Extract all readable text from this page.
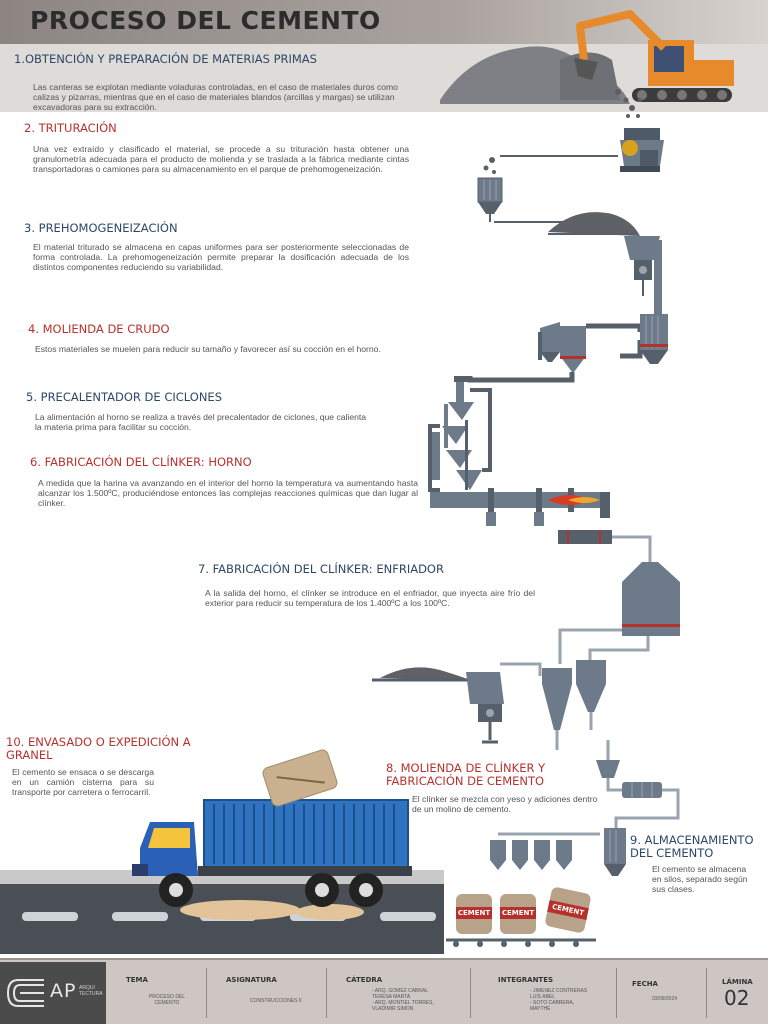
PROCESO DEL CEMENTO
CEMENT CEMENT	CEMENT
1.OBTENCIÓN Y PREPARACIÓN DE MATERIAS PRIMAS
Las canteras se explotan mediante voladuras controladas, en el caso de materiales duros como calizas y pizarras, mientras que en el caso de materiales blandos (arcillas y margas) se utilizan excavadoras para su extracción.
2. TRITURACIÓN
Una vez extraído y clasificado el material, se procede a su trituración hasta obtener una granulometría adecuada para el producto de molienda y se traslada a la fábrica mediante cintas transportadoras o camiones para su almacenamiento en el parque de prehomogeneización.
3. PREHOMOGENEIZACIÓN
El material triturado se almacena en capas uniformes para ser posteriormente seleccionadas de forma controlada. La prehomogeneización permite preparar la dosificación adecuada de los distintos componentes reduciendo su variabilidad.
4. MOLIENDA DE CRUDO
Estos materiales se muelen para reducir su tamaño y favorecer así su cocción en el horno.
5. PRECALENTADOR DE CICLONES
La alimentación al horno se realiza a través del precalentador de ciclones, que calienta la materia prima para facilitar su cocción.
6. FABRICACIÓN DEL CLÍNKER: HORNO
A medida que la harina va avanzando en el interior del horno la temperatura va aumentando hasta alcanzar los 1.500ºC, produciéndose entonces las complejas reacciones químicas que dan lugar al clínker.
7. FABRICACIÓN DEL CLÍNKER: ENFRIADOR
A la salida del horno, el clínker se introduce en el enfriador, que inyecta aire frío del exterior para reducir su temperatura de los 1.400ºC a los 100ºC.
8. MOLIENDA DE CLÍNKER Y FABRICACIÓN DE CEMENTO
El clínker se mezcla con yeso y adiciones dentro de un molino de cemento.
9. ALMACENAMIENTO DEL CEMENTO
El cemento se almacena en silos, separado según sus clases.
10. ENVASADO O EXPEDICIÓN A GRANEL
El cemento se ensaca o se descarga en un camión cisterna para su transporte por carretera o ferrocarril.
AP ARQUI TECTURA
TEMA
PROCESO DEL CEMENTO
ASIGNATURA
CONSTRUCCIONES II
CÁTEDRA
- ARQ. GOMEZ CABRAL TERESA MARTA
- ARQ. MONTIEL TORRES, VLADIMIR SIMON
INTEGRANTES
- JIMENEZ CONTRERAS LUIS ABEL
- SOTO CABRERA, MAYTHE
FECHA
03/09/2024
LÁMINA
02
